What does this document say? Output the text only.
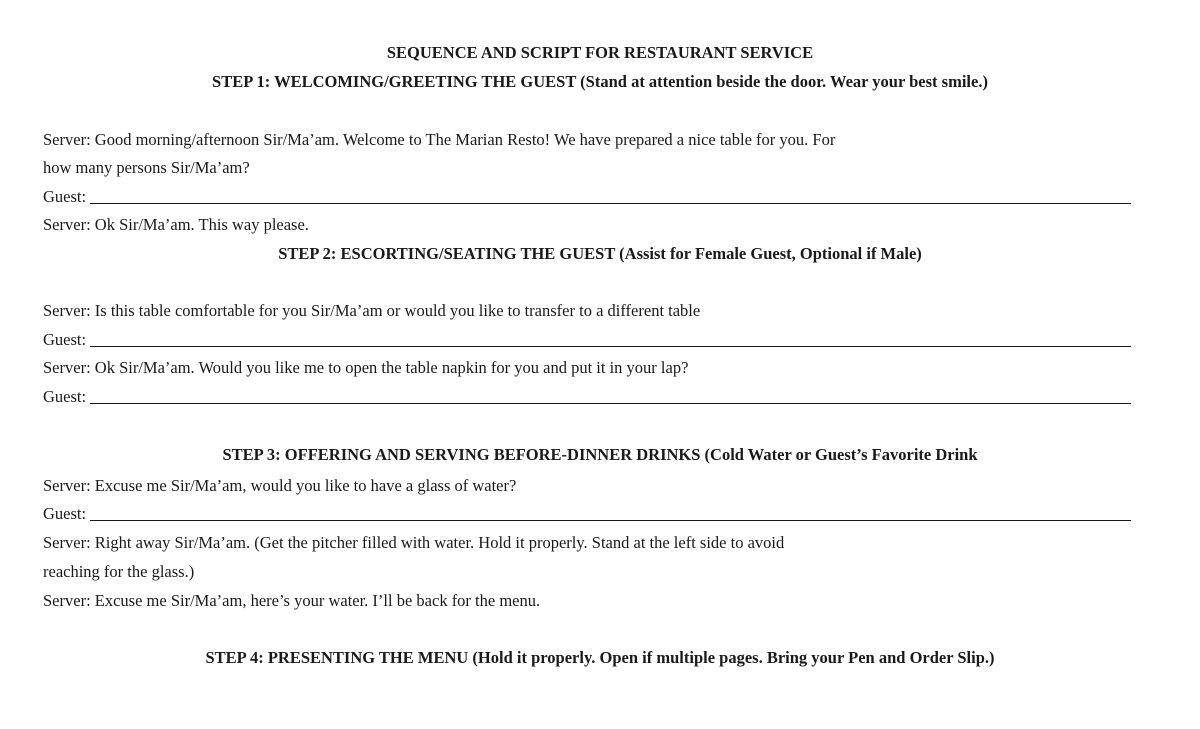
SEQUENCE AND SCRIPT FOR RESTAURANT SERVICE
STEP 1: WELCOMING/GREETING THE GUEST (Stand at attention beside the door. Wear your best smile.)
Server: Good morning/afternoon Sir/Ma’am. Welcome to The Marian Resto! We have prepared a nice table for you. For
how many persons Sir/Ma’am?
Guest:
Server: Ok Sir/Ma’am. This way please.
STEP 2: ESCORTING/SEATING THE GUEST (Assist for Female Guest, Optional if Male)
Server: Is this table comfortable for you Sir/Ma’am or would you like to transfer to a different table
Guest:
Server: Ok Sir/Ma’am. Would you like me to open the table napkin for you and put it in your lap?
Guest:
STEP 3: OFFERING AND SERVING BEFORE-DINNER DRINKS (Cold Water or Guest’s Favorite Drink
Server: Excuse me Sir/Ma’am, would you like to have a glass of water?
Guest:
Server: Right away Sir/Ma’am. (Get the pitcher filled with water. Hold it properly. Stand at the left side to avoid
reaching for the glass.)
Server: Excuse me Sir/Ma’am, here’s your water. I’ll be back for the menu.
STEP 4: PRESENTING THE MENU (Hold it properly. Open if multiple pages. Bring your Pen and Order Slip.)
